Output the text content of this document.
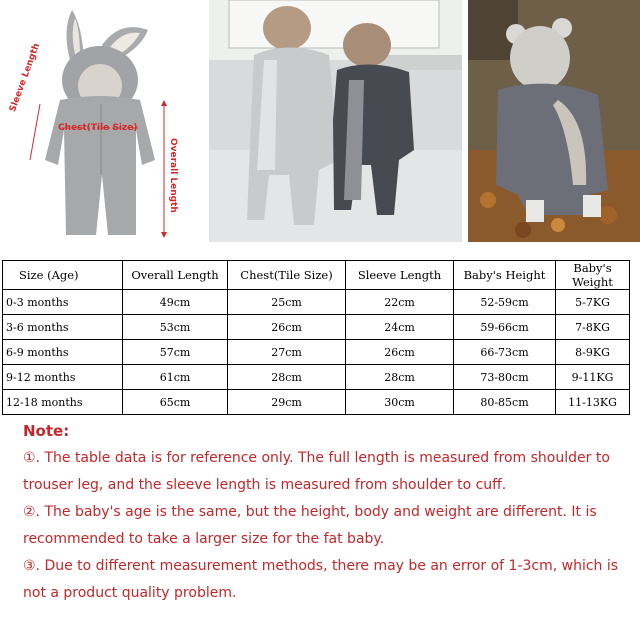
Chest(Tile Size)
Sleeve Length
Overall Length
Size (Age)	Overall Length	Chest(Tile Size)	Sleeve Length	Baby's Height	Baby's Weight
0-3 months	49cm	25cm	22cm	52-59cm	5-7KG
3-6 months	53cm	26cm	24cm	59-66cm	7-8KG
6-9 months	57cm	27cm	26cm	66-73cm	8-9KG
9-12 months	61cm	28cm	28cm	73-80cm	9-11KG
12-18 months	65cm	29cm	30cm	80-85cm	11-13KG

Note:

①. The table data is for reference only. The full length is measured from shoulder to trouser leg, and the sleeve length is measured from shoulder to cuff.

②. The baby's age is the same, but the height, body and weight are different. It is recommended to take a larger size for the fat baby.

③. Due to different measurement methods, there may be an error of 1-3cm, which is not a product quality problem.
